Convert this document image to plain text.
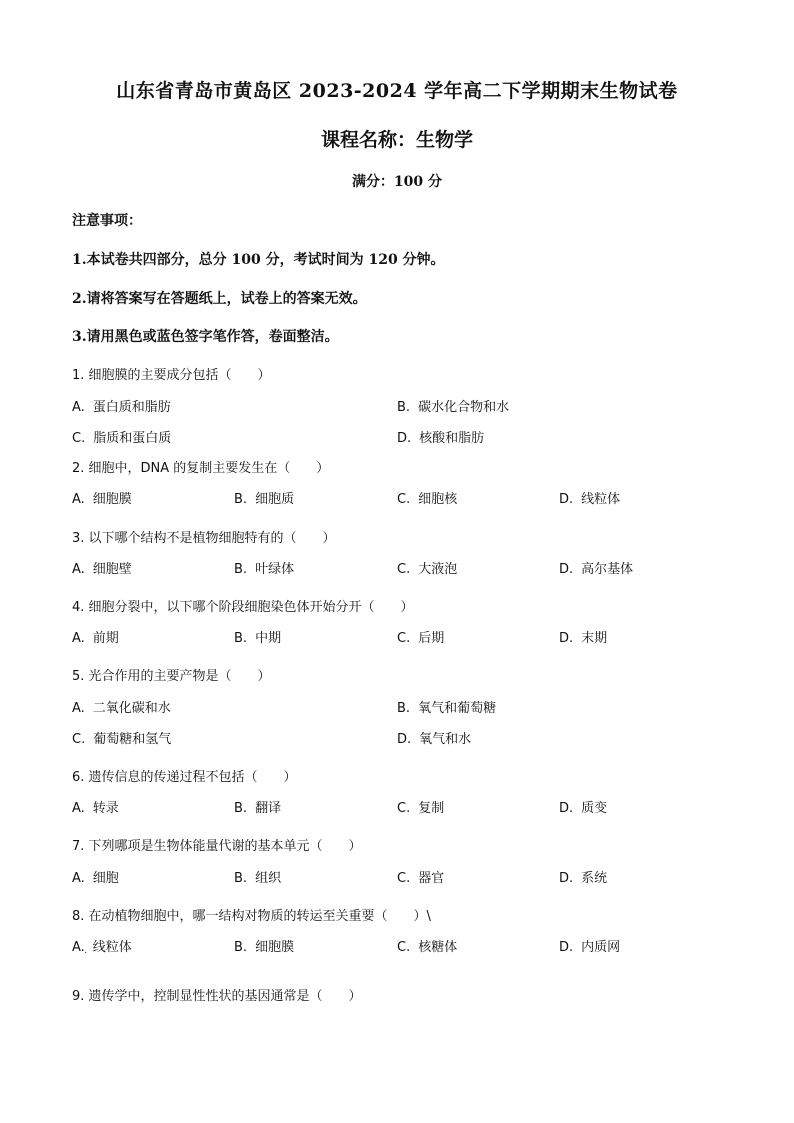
山东省青岛市黄岛区 2023-2024 学年高二下学期期末生物试卷
课程名称：生物学
满分：100 分
注意事项：
1.本试卷共四部分，总分 100 分，考试时间为 120 分钟。
2.请将答案写在答题纸上，试卷上的答案无效。
3.请用黑色或蓝色签字笔作答，卷面整洁。
1. 细胞膜的主要成分包括（　　）
A. 蛋白质和脂肪	B. 碳水化合物和水
C. 脂质和蛋白质	D. 核酸和脂肪
2. 细胞中，DNA 的复制主要发生在（　　）
A. 细胞膜	B. 细胞质	C. 细胞核	D. 线粒体
3. 以下哪个结构不是植物细胞特有的（　　）
A. 细胞壁	B. 叶绿体	C. 大液泡	D. 高尔基体
4. 细胞分裂中，以下哪个阶段细胞染色体开始分开（　　）
A. 前期	B. 中期	C. 后期	D. 末期
5. 光合作用的主要产物是（　　）
A. 二氧化碳和水	B. 氧气和葡萄糖
C. 葡萄糖和氢气	D. 氧气和水
6. 遗传信息的传递过程不包括（　　）
A. 转录	B. 翻译	C. 复制	D. 质变
7. 下列哪项是生物体能量代谢的基本单元（　　）
A. 细胞	B. 组织	C. 器官	D. 系统
8. 在动植物细胞中，哪一结构对物质的转运至关重要（　　）\
A. 线粒体	B. 细胞膜	C. 核糖体	D. 内质网
·
9. 遗传学中，控制显性性状的基因通常是（　　）
